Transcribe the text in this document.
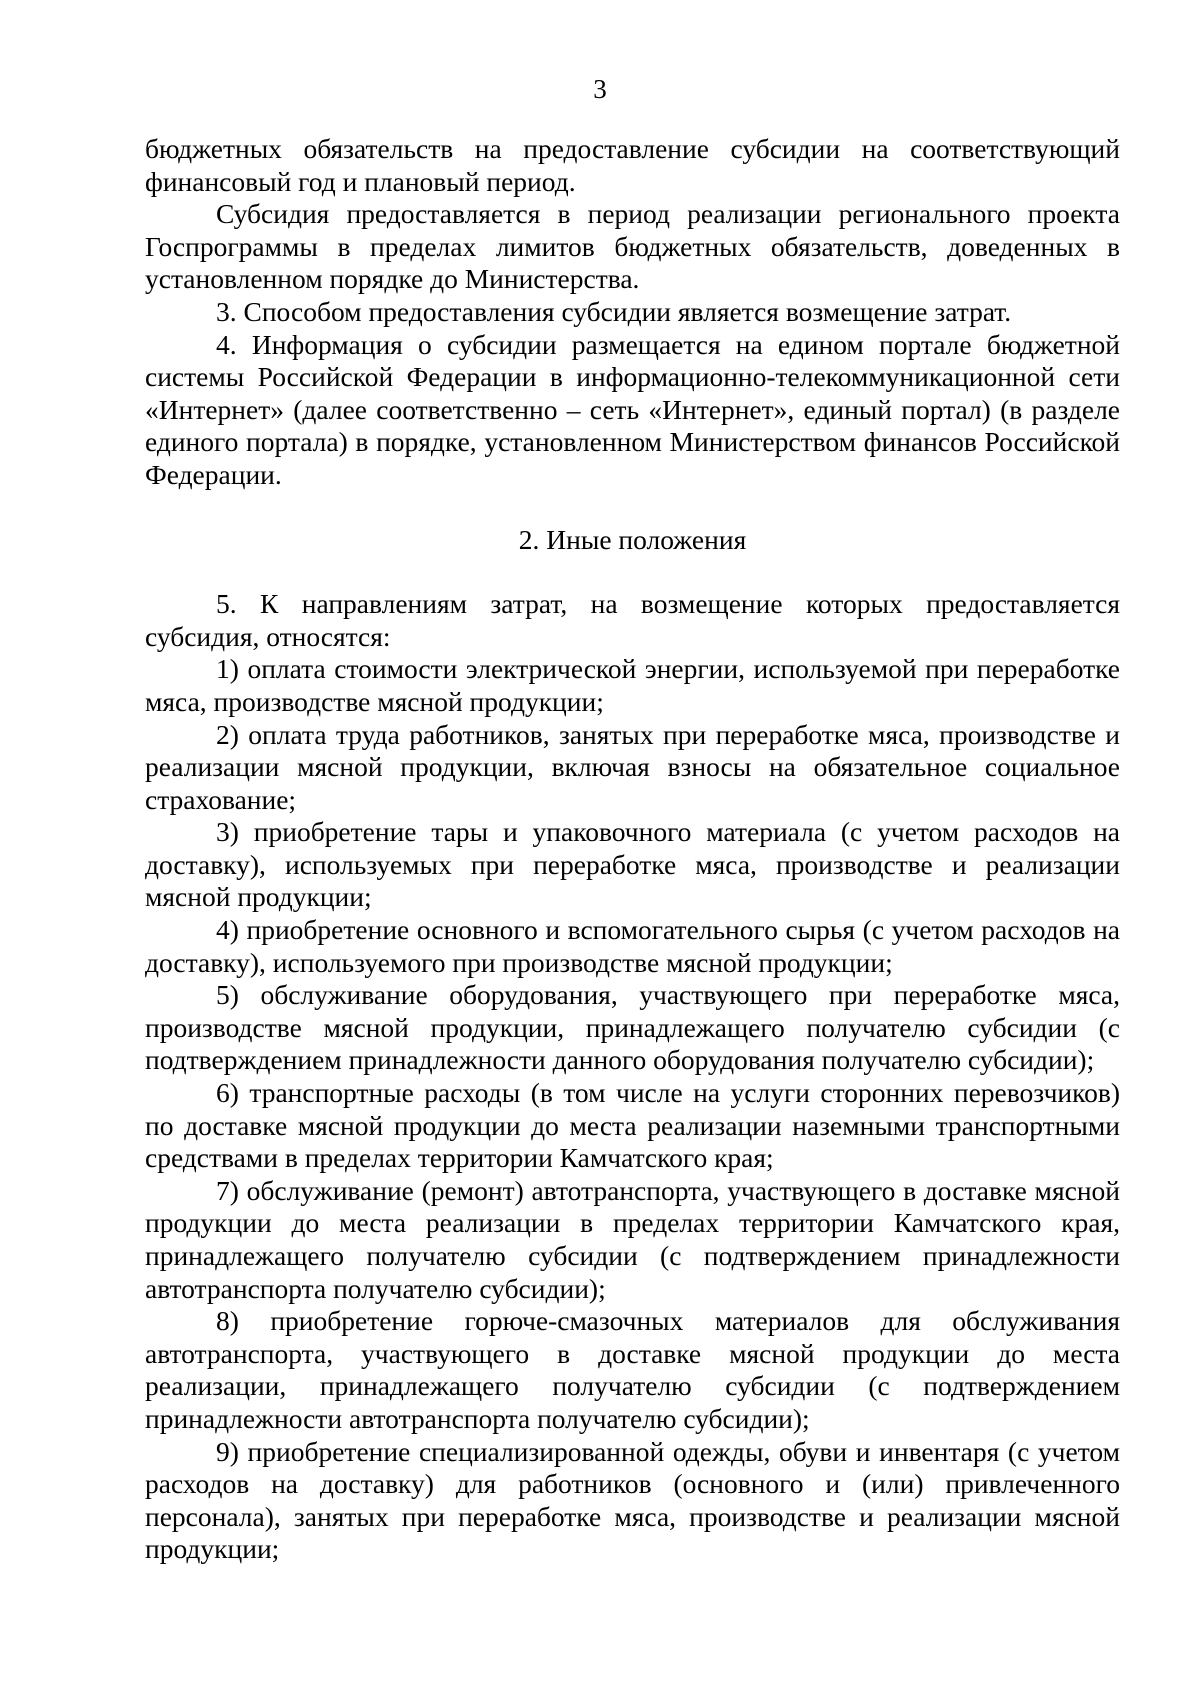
3

бюджетных обязательств на предоставление субсидии на соответствующий финансовый год и плановый период.

Субсидия предоставляется в период реализации регионального проекта Госпрограммы в пределах лимитов бюджетных обязательств, доведенных в установленном порядке до Министерства.

3. Способом предоставления субсидии является возмещение затрат.

4. Информация о субсидии размещается на едином портале бюджетной системы Российской Федерации в информационно-телекоммуникационной сети «Интернет» (далее соответственно – сеть «Интернет», единый портал) (в разделе единого портала) в порядке, установленном Министерством финансов Российской Федерации.

2. Иные положения

5. К направлениям затрат, на возмещение которых предоставляется субсидия, относятся:

1) оплата стоимости электрической энергии, используемой при переработке мяса, производстве мясной продукции;

2) оплата труда работников, занятых при переработке мяса, производстве и реализации мясной продукции, включая взносы на обязательное социальное страхование;

3) приобретение тары и упаковочного материала (с учетом расходов на доставку), используемых при переработке мяса, производстве и реализации мясной продукции;

4) приобретение основного и вспомогательного сырья (с учетом расходов на доставку), используемого при производстве мясной продукции;

5) обслуживание оборудования, участвующего при переработке мяса, производстве мясной продукции, принадлежащего получателю субсидии (с подтверждением принадлежности данного оборудования получателю субсидии);

6) транспортные расходы (в том числе на услуги сторонних перевозчиков) по доставке мясной продукции до места реализации наземными транспортными средствами в пределах территории Камчатского края;

7) обслуживание (ремонт) автотранспорта, участвующего в доставке мясной продукции до места реализации в пределах территории Камчатского края, принадлежащего получателю субсидии (с подтверждением принадлежности автотранспорта получателю субсидии);

8) приобретение горюче-смазочных материалов для обслуживания автотранспорта, участвующего в доставке мясной продукции до места реализации, принадлежащего получателю субсидии (с подтверждением принадлежности автотранспорта получателю субсидии);

9) приобретение специализированной одежды, обуви и инвентаря (с учетом расходов на доставку) для работников (основного и (или) привлеченного персонала), занятых при переработке мяса, производстве и реализации мясной продукции;
